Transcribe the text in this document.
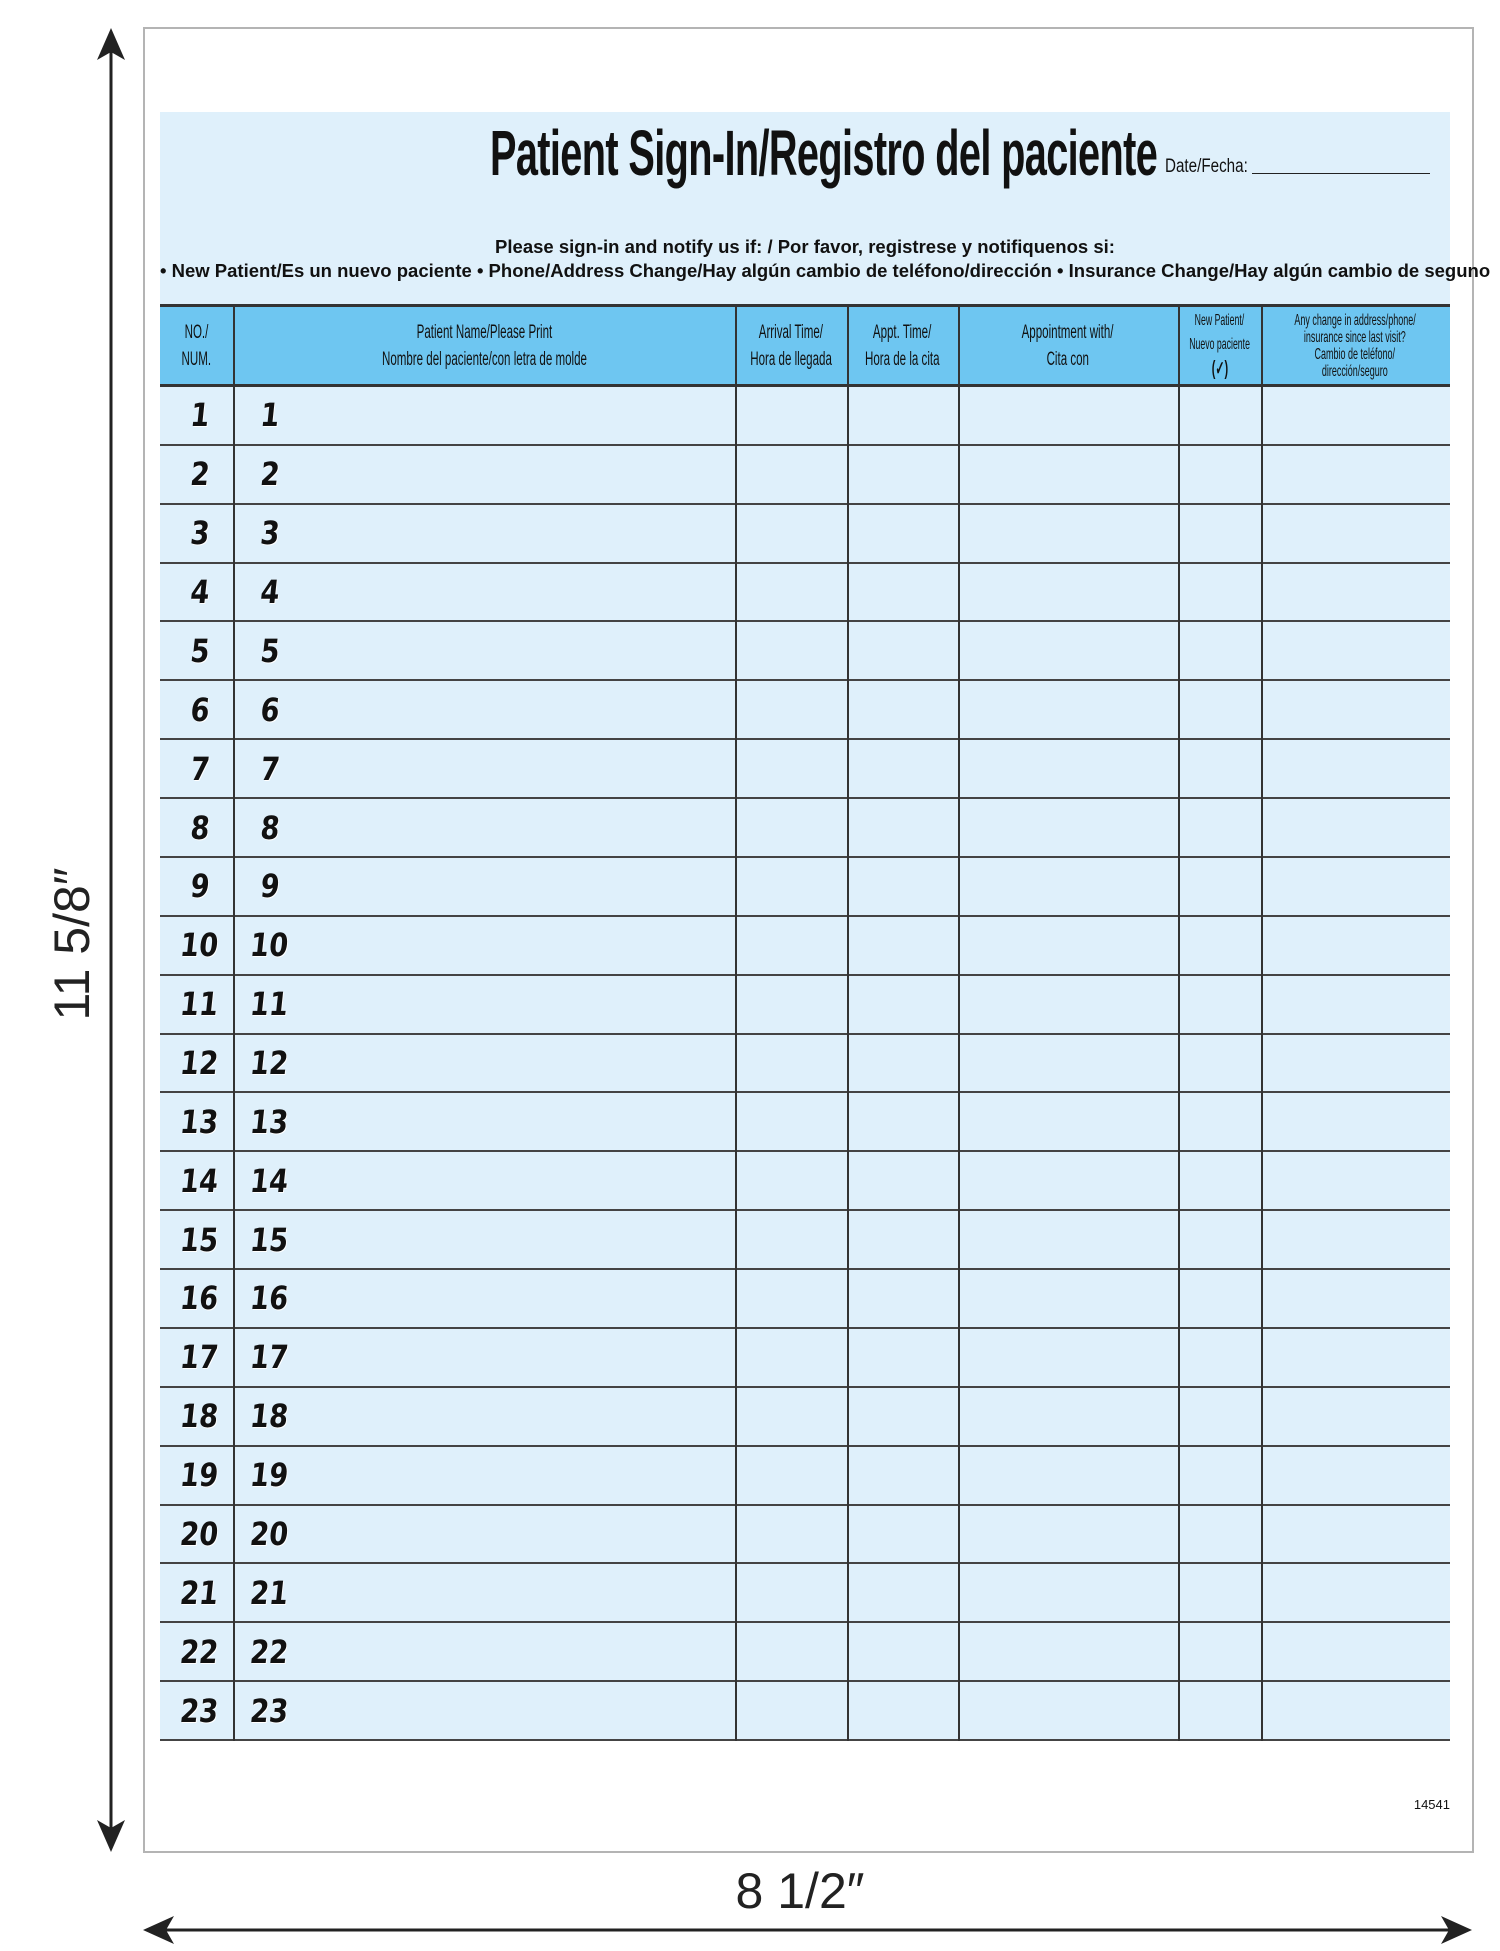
Patient Sign-In/Registro del paciente Date/Fecha:
Please sign-in and notify us if: / Por favor, registrese y notifiquenos si:
• New Patient/Es un nuevo paciente • Phone/Address Change/Hay algún cambio de teléfono/dirección • Insurance Change/Hay algún cambio de seguno
NO./
NUM.
Patient Name/Please Print
Nombre del paciente/con letra de molde
Arrival Time/
Hora de llegada
Appt. Time/
Hora de la cita
Appointment with/
Cita con
New Patient/
Nuevo paciente
(✓)
Any change in address/phone/
insurance since last visit?
Cambio de teléfono/
dirección/seguro
1 1
2 2
3 3
4 4
5 5
6 6
7 7
8 8
9 9
10 10
11 11
12 12
13 13
14 14
15 15
16 16
17 17
18 18
19 19
20 20
21 21
22 22
23 23
14541
11 5/8″
8 1/2″
